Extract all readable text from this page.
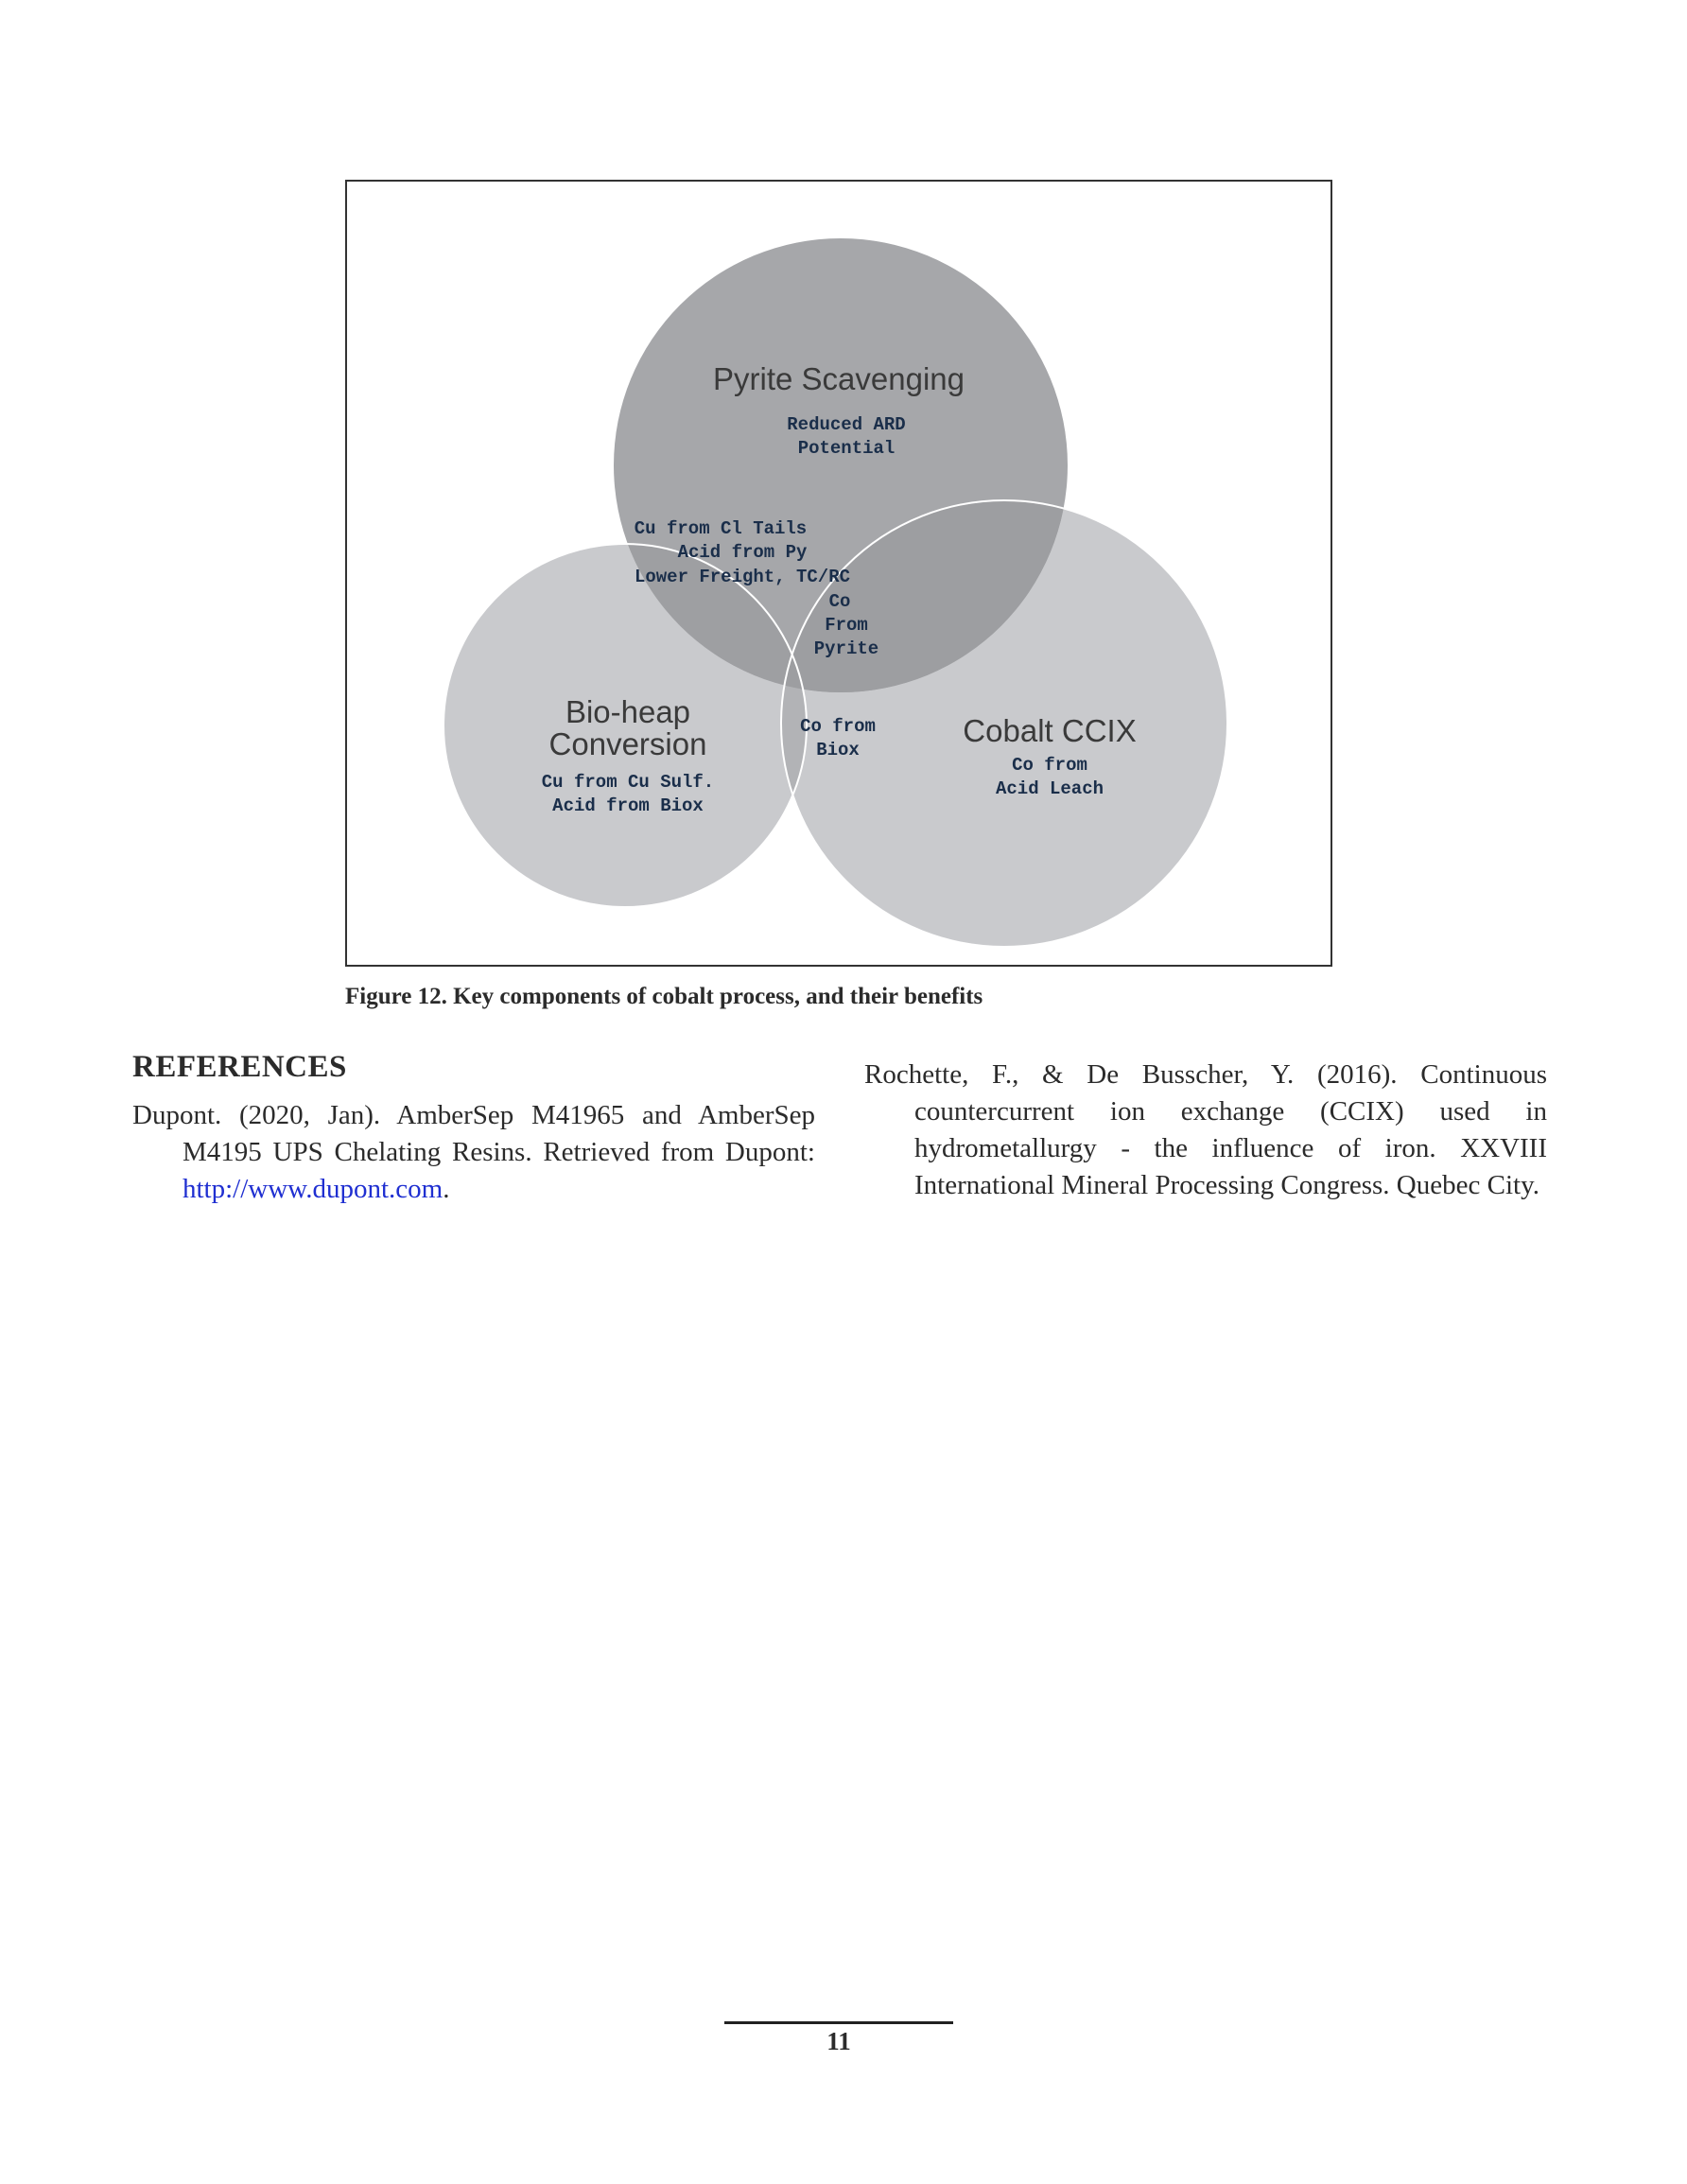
Pyrite Scavenging
Reduced ARD
Potential
Cu from Cl Tails
Acid from Py
Lower Freight, TC/RC
Co
From
Pyrite
Bio-heap
Conversion
Cu from Cu Sulf.
Acid from Biox
Co from
Biox
Cobalt CCIX
Co from
Acid Leach

Figure 12. Key components of cobalt process, and their benefits

REFERENCES

Dupont. (2020, Jan). AmberSep M41965 and AmberSep M4195 UPS Chelating Resins. Retrieved from Dupont: http://www.dupont.com.

Rochette, F., & De Busscher, Y. (2016). Continuous countercurrent ion exchange (CCIX) used in hydrometallurgy - the influence of iron. XXVIII International Mineral Processing Congress. Quebec City.

11
